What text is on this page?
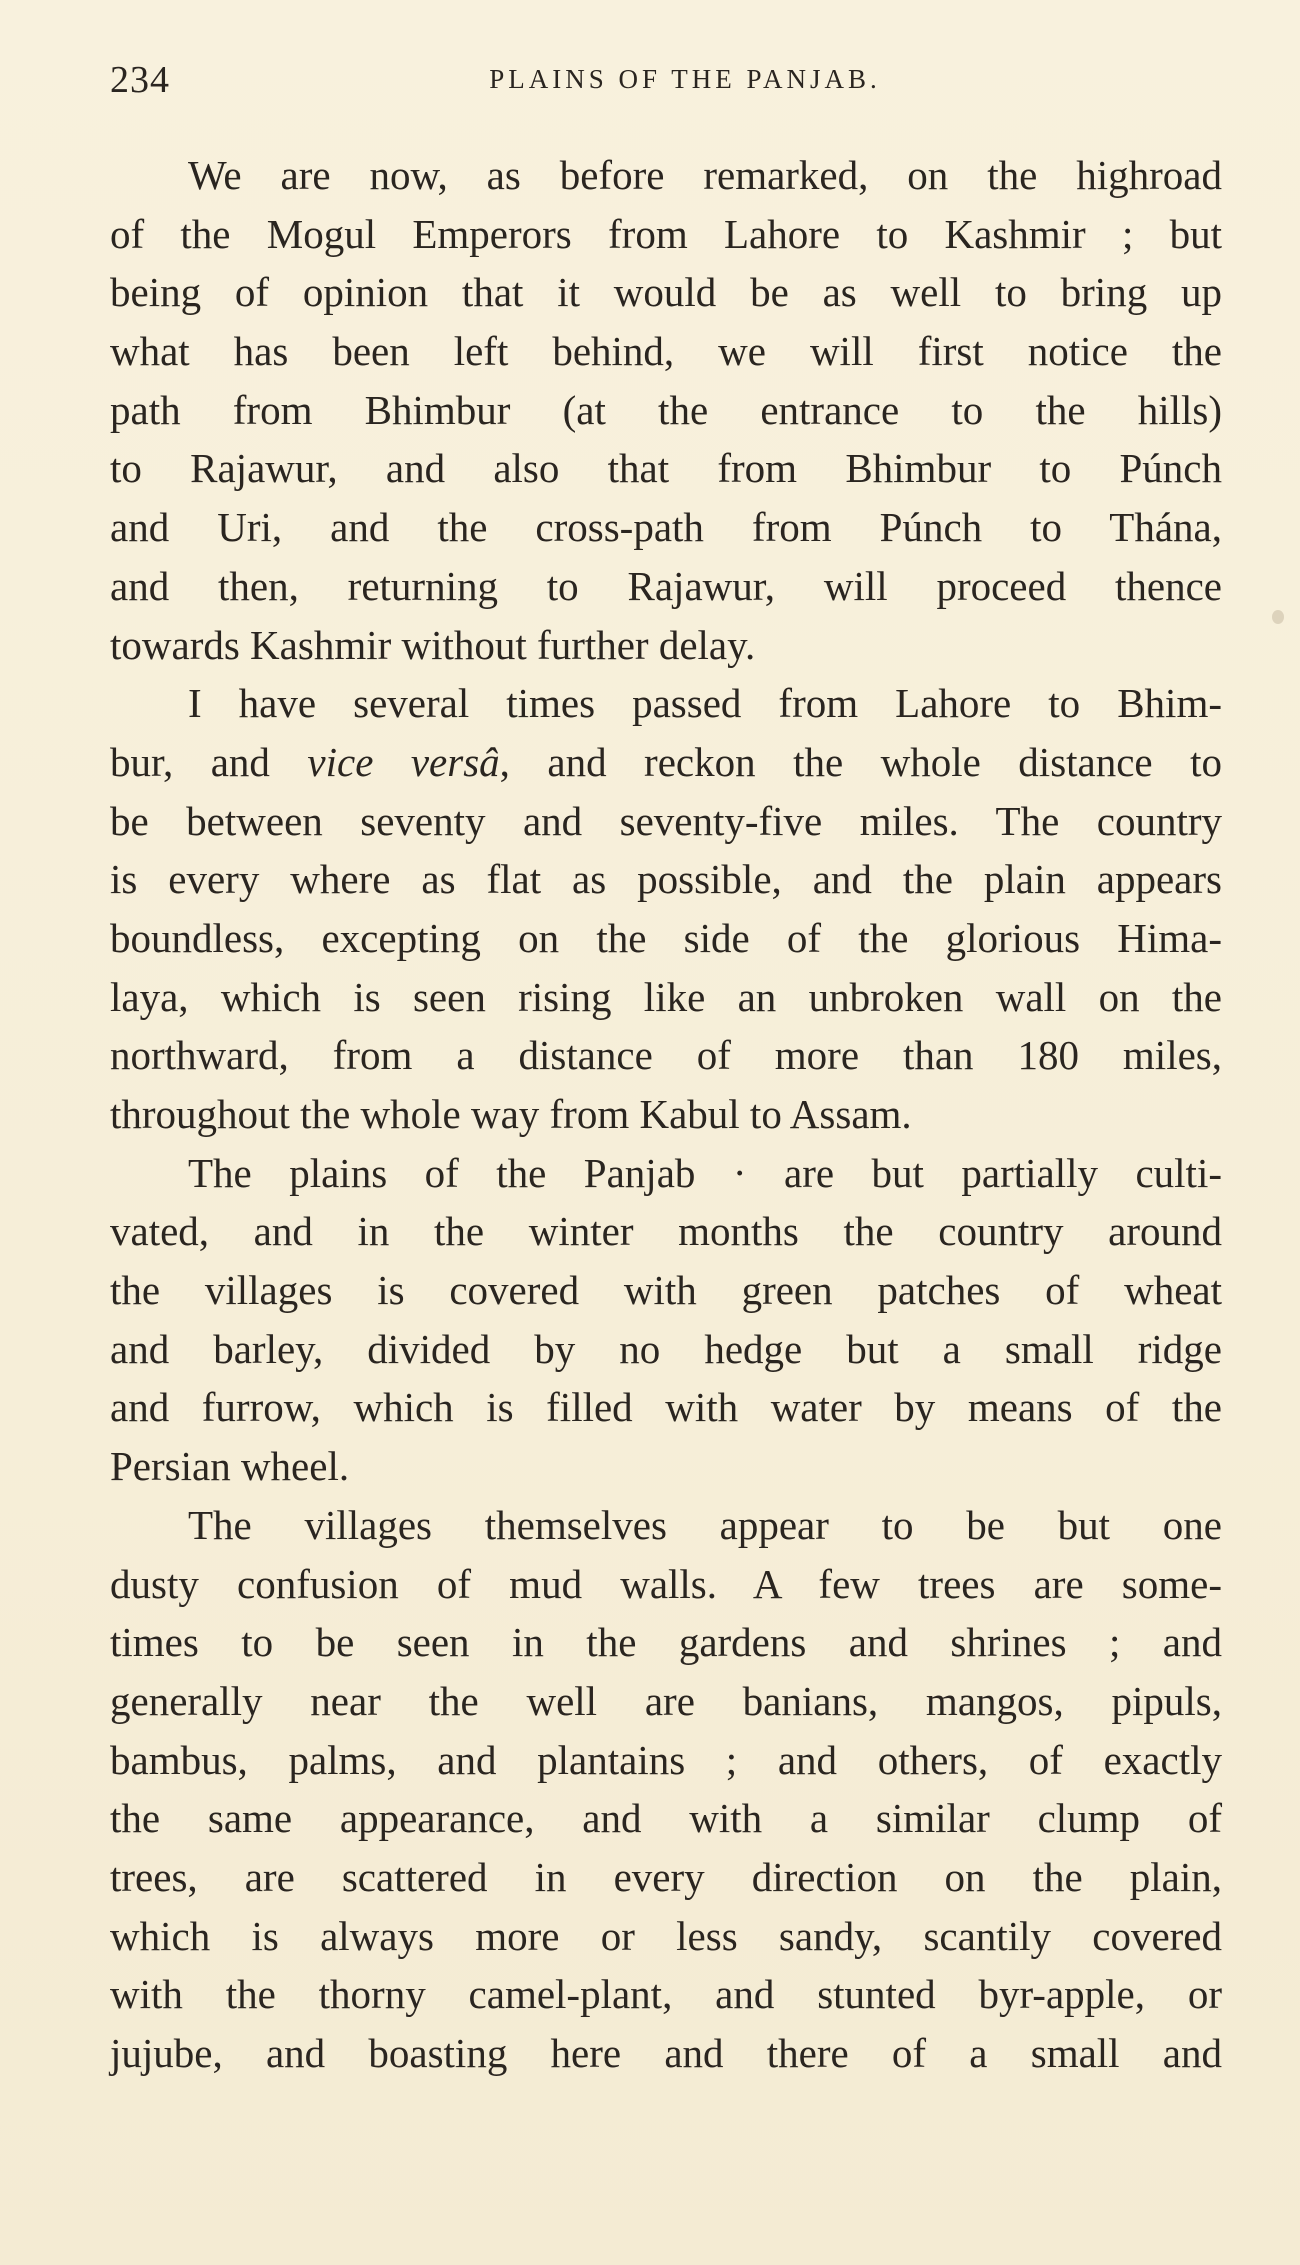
234	PLAINS OF THE PANJAB.
We are now, as before remarked, on the highroad
of the Mogul Emperors from Lahore to Kashmir ; but
being of opinion that it would be as well to bring up
what has been left behind, we will first notice the
path from Bhimbur (at the entrance to the hills)
to Rajawur, and also that from Bhimbur to Púnch
and Uri, and the cross-path from Púnch to Thána,
and then, returning to Rajawur, will proceed thence
towards Kashmir without further delay.
I have several times passed from Lahore to Bhim-
bur, and vice versâ, and reckon the whole distance to
be between seventy and seventy-five miles. The country
is every where as flat as possible, and the plain appears
boundless, excepting on the side of the glorious Hima-
laya, which is seen rising like an unbroken wall on the
northward, from a distance of more than 180 miles,
throughout the whole way from Kabul to Assam.
The plains of the Panjab · are but partially culti-
vated, and in the winter months the country around
the villages is covered with green patches of wheat
and barley, divided by no hedge but a small ridge
and furrow, which is filled with water by means of the
Persian wheel.
The villages themselves appear to be but one
dusty confusion of mud walls. A few trees are some-
times to be seen in the gardens and shrines ; and
generally near the well are banians, mangos, pipuls,
bambus, palms, and plantains ; and others, of exactly
the same appearance, and with a similar clump of
trees, are scattered in every direction on the plain,
which is always more or less sandy, scantily covered
with the thorny camel-plant, and stunted byr-apple, or
jujube, and boasting here and there of a small and
